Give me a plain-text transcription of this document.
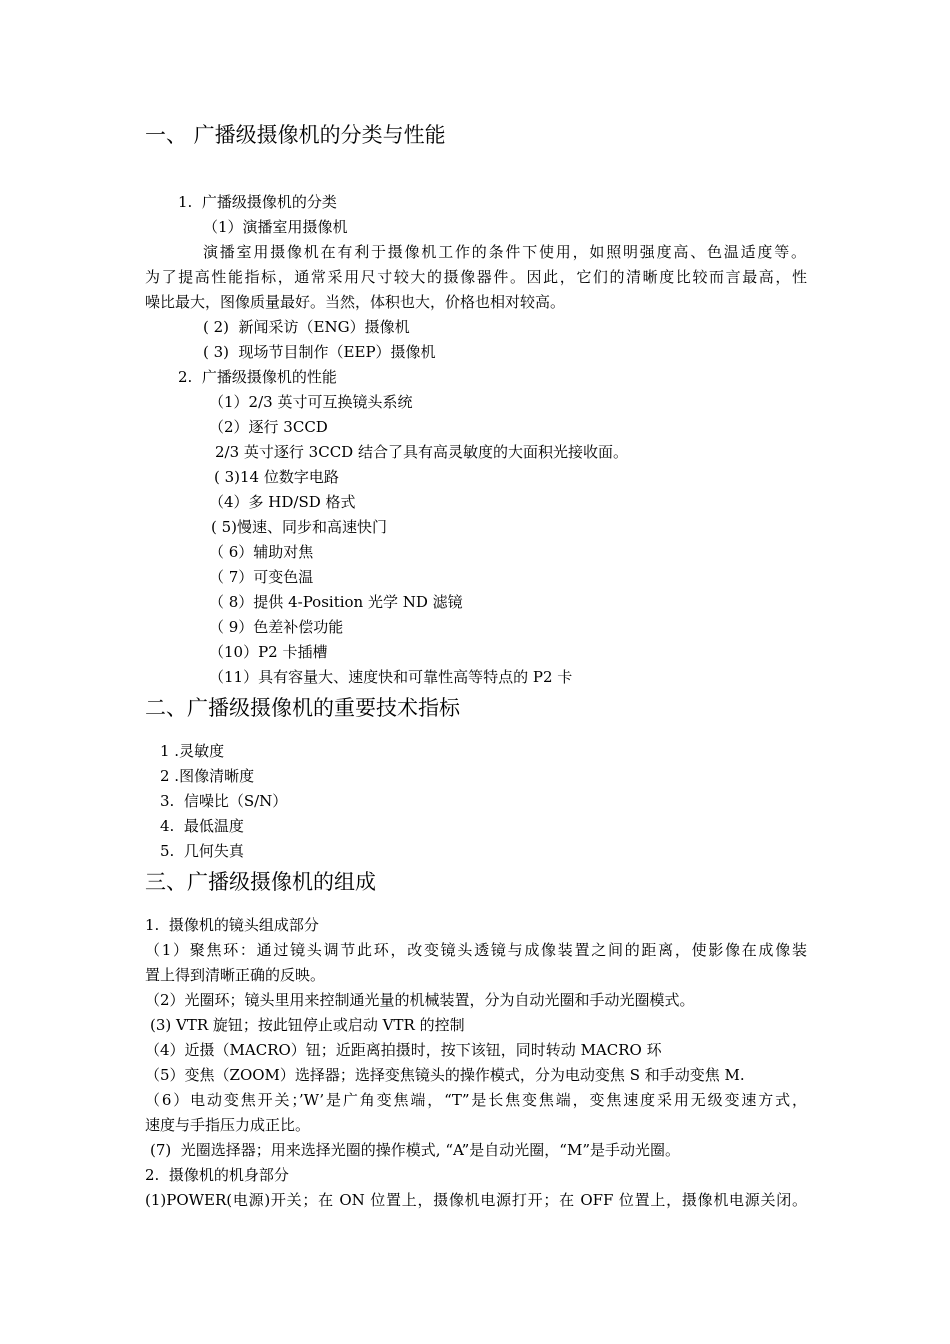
一、 广播级摄像机的分类与性能

1.  广播级摄像机的分类

（1）演播室用摄像机

演播室用摄像机在有利于摄像机工作的条件下使用，如照明强度高、色温适度等。

为了提高性能指标，通常采用尺寸较大的摄像器件。因此，它们的清晰度比较而言最高，性

噪比最大，图像质量最好。当然，体积也大，价格也相对较高。

( 2)  新闻采访（ENG）摄像机

( 3)  现场节目制作（EEP）摄像机

2.  广播级摄像机的性能

（1）2/3 英寸可互换镜头系统

（2）逐行 3CCD

2/3 英寸逐行 3CCD 结合了具有高灵敏度的大面积光接收面。

( 3)14 位数字电路

（4）多 HD/SD 格式

( 5)慢速、同步和高速快门

（ 6）辅助对焦

（ 7）可变色温

（ 8）提供 4-Position 光学 ND 滤镜

（ 9）色差补偿功能

（10）P2 卡插槽

（11）具有容量大、速度快和可靠性高等特点的 P2 卡

二、广播级摄像机的重要技术指标

1 .灵敏度

2 .图像清晰度

3.  信噪比（S/N）

4.  最低温度

5.  几何失真

三、广播级摄像机的组成

1.  摄像机的镜头组成部分

（1）聚焦环：通过镜头调节此环，改变镜头透镜与成像装置之间的距离，使影像在成像装

置上得到清晰正确的反映。

（2）光圈环；镜头里用来控制通光量的机械装置，分为自动光圈和手动光圈模式。

(3) VTR 旋钮；按此钮停止或启动 VTR 的控制

（4）近摄（MACRO）钮；近距离拍摄时，按下该钮，同时转动 MACRO 环

（5）变焦（ZOOM）选择器；选择变焦镜头的操作模式，分为电动变焦 S 和手动变焦 M.

（6）电动变焦开关；’W’是广角变焦端，“T”是长焦变焦端，变焦速度采用无级变速方式，

速度与手指压力成正比。

(7)  光圈选择器；用来选择光圈的操作模式, “A”是自动光圈，“M”是手动光圈。

2.  摄像机的机身部分

(1)POWER(电源)开关；在 ON 位置上，摄像机电源打开；在 OFF 位置上，摄像机电源关闭。
